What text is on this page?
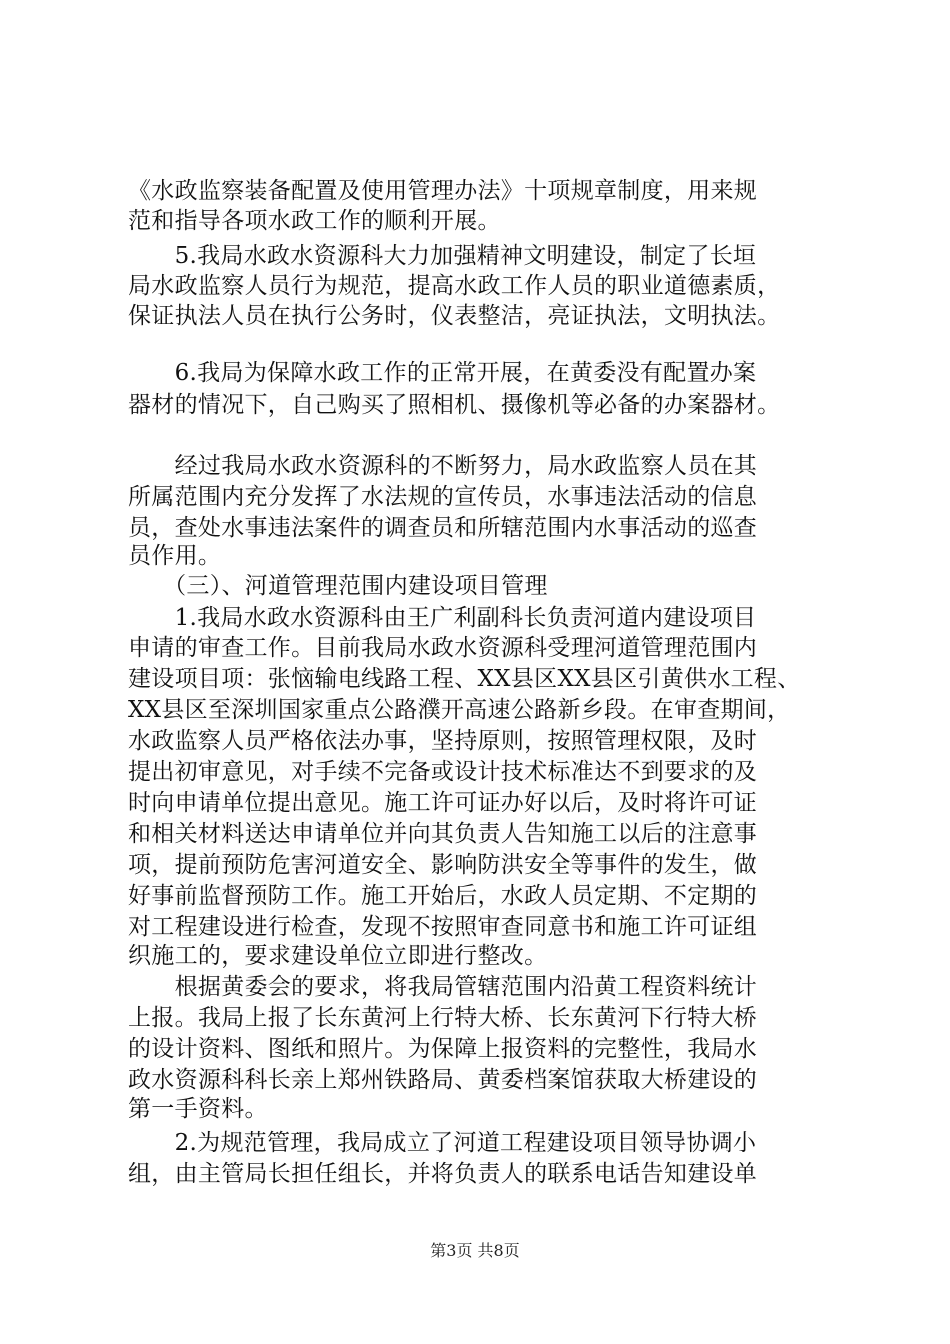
《水政监察装备配置及使用管理办法》十项规章制度，用来规
范和指导各项水政工作的顺利开展。
　　5.我局水政水资源科大力加强精神文明建设，制定了长垣
局水政监察人员行为规范，提高水政工作人员的职业道德素质，
保证执法人员在执行公务时，仪表整洁，亮证执法，文明执法。
　　6.我局为保障水政工作的正常开展，在黄委没有配置办案
器材的情况下，自己购买了照相机、摄像机等必备的办案器材。
　　经过我局水政水资源科的不断努力，局水政监察人员在其
所属范围内充分发挥了水法规的宣传员，水事违法活动的信息
员，查处水事违法案件的调查员和所辖范围内水事活动的巡查
员作用。
　　（三）、河道管理范围内建设项目管理
　　1.我局水政水资源科由王广利副科长负责河道内建设项目
申请的审查工作。目前我局水政水资源科受理河道管理范围内
建设项目项：张恼输电线路工程、XX县区XX县区引黄供水工程、
XX县区至深圳国家重点公路濮开高速公路新乡段。在审查期间，
水政监察人员严格依法办事，坚持原则，按照管理权限，及时
提出初审意见，对手续不完备或设计技术标准达不到要求的及
时向申请单位提出意见。施工许可证办好以后，及时将许可证
和相关材料送达申请单位并向其负责人告知施工以后的注意事
项，提前预防危害河道安全、影响防洪安全等事件的发生，做
好事前监督预防工作。施工开始后，水政人员定期、不定期的
对工程建设进行检查，发现不按照审查同意书和施工许可证组
织施工的，要求建设单位立即进行整改。
　　根据黄委会的要求，将我局管辖范围内沿黄工程资料统计
上报。我局上报了长东黄河上行特大桥、长东黄河下行特大桥
的设计资料、图纸和照片。为保障上报资料的完整性，我局水
政水资源科科长亲上郑州铁路局、黄委档案馆获取大桥建设的
第一手资料。
　　2.为规范管理，我局成立了河道工程建设项目领导协调小
组，由主管局长担任组长，并将负责人的联系电话告知建设单
第3页 共8页
